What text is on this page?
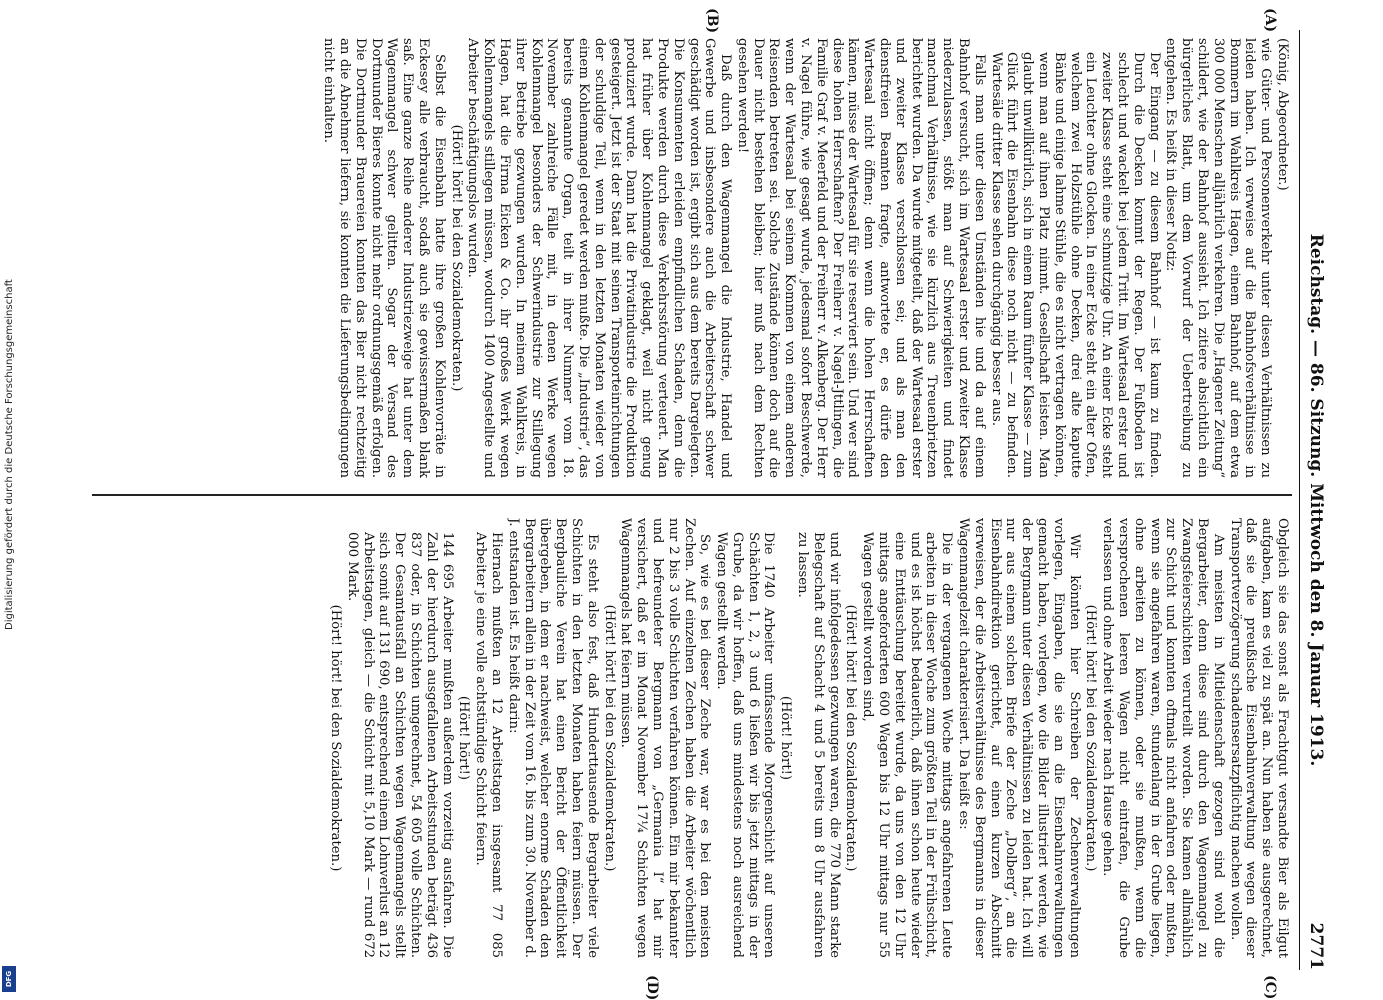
Reichstag. — 86. Sitzung. Mittwoch den 8. Januar 1913.
2771
(A)
(B)
(C)
(D)

(König, Abgeordneter.)

wie Güter- und Personenverkehr unter diesen Verhältnissen zu leiden haben. Ich verweise auf die Bahnhofsverhältnisse in Bommern im Wahlkreis Hagen, einem Bahnhof, auf dem etwa 300 000 Menschen alljährlich verkehren. Die „Hagener Zeitung“ schildert, wie der Bahnhof aussieht. Ich zitiere absichtlich ein bürgerliches Blatt, um dem Vorwurf der Uebertreibung zu entgehen. Es heißt in dieser Notiz:

Der Eingang — zu diesem Bahnhof — ist kaum zu finden. Durch die Decken kommt der Regen. Der Fußboden ist schlecht und wackelt bei jedem Tritt. Im Wartesaal erster und zweiter Klasse steht eine schmutzige Uhr. An einer Ecke steht ein Leuchter ohne Glocken. In einer Ecke steht ein alter Ofen, welchem zwei Holzstühle ohne Decken, drei alte kaputte Bänke und einige lahme Stühle, die es nicht vertragen können, wenn man auf ihnen Platz nimmt. Gesellschaft leisten. Man glaubt unwillkürlich, sich in einem Raum fünfter Klasse — zum Glück führt die Eisenbahn diese noch nicht — zu befinden. Wartesäle dritter Klasse sehen durchgängig besser aus.

Falls man unter diesen Umständen hie und da auf einem Bahnhof versucht, sich im Wartesaal erster und zweiter Klasse niederzulassen, stößt man auf Schwierigkeiten und findet manchmal Verhältnisse, wie sie kürzlich aus Treuenbrietzen berichtet wurden. Da wurde mitgeteilt, daß der Wartesaal erster und zweiter Klasse verschlossen sei; und als man den dienstfreien Beamten fragte, antwortete er, es dürfe den Wartesaal nicht öffnen; denn wenn die hohen Herrschaften kämen, müsse der Wartesaal für sie reserviert sein. Und wer sind diese hohen Herrschaften? Der Freiherr v. Nagel-Jttlingen, die Familie Graf v. Meerfeld und der Freiherr v. Alkenberg. Der Herr v. Nagel führe, wie gesagt wurde, jedesmal sofort Beschwerde, wenn der Wartesaal bei seinem Kommen von einem anderen Reisenden betreten sei. Solche Zustände können doch auf die Dauer nicht bestehen bleiben; hier muß nach dem Rechten gesehen werden!

Daß durch den Wagenmangel die Industrie, Handel und Gewerbe und insbesondere auch die Arbeiterschaft schwer geschädigt worden ist, ergibt sich aus dem bereits Dargelegten. Die Konsumenten erleiden empfindlichen Schaden, denn die Produkte werden durch diese Verkehrsstörung verteuert. Man hat früher über Kohlenmangel geklagt, weil nicht genug produziert wurde. Dann hat die Privatindustrie die Produktion gesteigert. Jetzt ist der Staat mit seinen Transporteinrichtungen der schuldige Teil, wenn in den letzten Monaten wieder von einem Kohlenmangel geredet werden mußte. Die „Industrie“, das bereits genannte Organ, teilt in ihrer Nummer vom 18. November zahlreiche Fälle mit, in denen Werke wegen Kohlenmangel besonders der Schwerindustrie zur Stillegung ihrer Betriebe gezwungen wurden. In meinem Wahlkreis, in Hagen, hat die Firma Eicken & Co. ihr großes Werk wegen Kohlenmangels stillegen müssen, wodurch 1400 Angestellte und Arbeiter beschäftigungslos wurden.

(Hört! hört! bei den Sozialdemokraten.)

Selbst die Eisenbahn hatte ihre großen Kohlenvorräte in Eckesey alle verbraucht, sodaß auch sie gewissermaßen blank saß. Eine ganze Reihe anderer Industriezweige hat unter dem Wagenmangel schwer gelitten. Sogar der Versand des Dortmunder Bieres konnte nicht mehr ordnungsgemäß erfolgen. Die Dortmunder Brauereien konnten das Bier nicht rechtzeitig an die Abnehmer liefern, sie konnten die Lieferungsbedingungen nicht einhalten.

Obgleich sie das sonst als Frachtgut versandte Bier als Eilgut aufgaben, kam es viel zu spät an. Nun haben sie ausgerechnet, daß sie die preußische Eisenbahnverwaltung wegen dieser Transportverzögerung schadensersatzpflichtig machen wollen.

Am meisten in Mitleidenschaft gezogen sind wohl die Bergarbeiter, denn diese sind durch den Wagenmangel zu Zwangsfeierschichten verurteilt worden. Sie kamen allmählich zur Schicht und konnten oftmals nicht anfahren oder mußten, wenn sie angefahren waren, stundenlang in der Grube liegen, ohne arbeiten zu können, oder sie mußten, wenn die versprochenen leeren Wagen nicht eintrafen, die Grube verlassen und ohne Arbeit wieder nach Hause gehen.

(Hört! hört! bei den Sozialdemokraten.)

Wir könnten hier Schreiben der Zechenverwaltungen vorlegen, Eingaben, die sie an die Eisenbahnverwaltungen gemacht haben, vorlegen, wo die Bilder illustriert werden, wie der Bergmann unter diesen Verhältnissen zu leiden hat. Ich will nur aus einem solchen Briefe der Zeche „Dolberg“, an die Eisenbahndirektion gerichtet, auf einen kurzen Abschnitt verweisen, der die Arbeitsverhältnisse des Bergmanns in dieser Wagenmangelzeit charakterisiert. Da heißt es:

Die in der vergangenen Woche mittags angefahrenen Leute arbeiten in dieser Woche zum größten Teil in der Frühschicht, und es ist höchst bedauerlich, daß ihnen schon heute wieder eine Enttäuschung bereitet wurde, da uns von den 12 Uhr mittags angeforderten 600 Wagen bis 12 Uhr mittags nur 55 Wagen gestellt worden sind,

(Hört! hört! bei den Sozialdemokraten.)

und wir infolgedessen gezwungen waren, die 770 Mann starke Belegschaft auf Schacht 4 und 5 bereits um 8 Uhr ausfahren zu lassen.

(Hört! hört!)

Die 1740 Arbeiter umfassende Morgenschicht auf unseren Schächten 1, 2, 3 und 6 ließen wir bis jetzt mittags in der Grube, da wir hoffen, daß uns mindestens noch ausreichend Wagen gestellt werden.

So, wie es bei dieser Zeche war, war es bei den meisten Zechen. Auf einzelnen Zechen haben die Arbeiter wöchentlich nur 2 bis 3 volle Schichten verfahren können. Ein mir bekannter und befreundeter Bergmann von „Germania I“ hat mir versichert, daß er im Monat November 17¼ Schichten wegen Wagenmangels hat feiern müssen.

(Hört! hört! bei den Sozialdemokraten.)

Es steht also fest, daß Hunderttausende Bergarbeiter viele Schichten in den letzten Monaten haben feiern müssen. Der Bergbauliche Verein hat einen Bericht der Öffentlichkeit übergeben, in dem er nachweist, welcher enorme Schaden den Bergarbeitern allein in der Zeit vom 16. bis zum 30. November d. J. entstanden ist. Es heißt darin:

Hiernach mußten an 12 Arbeitstagen insgesamt 77 085 Arbeiter je eine volle achtstündige Schicht feiern.

(Hört! hört!)

144 695 Arbeiter mußten außerdem vorzeitig ausfahren. Die Zahl der hierdurch ausgefallenen Arbeitsstunden beträgt 436 837 oder, in Schichten umgerechnet, 54 605 volle Schichten. Der Gesamtausfall an Schichten wegen Wagenmangels stellt sich somit auf 131 690, entsprechend einem Lohnverlust an 12 Arbeitstagen, gleich — die Schicht mit 5,10 Mark — rund 672 000 Mark.

(Hört! hört! bei den Sozialdemokraten.)

Digitalisierung gefördert durch die Deutsche Forschungsgemeinschaft
DFG
